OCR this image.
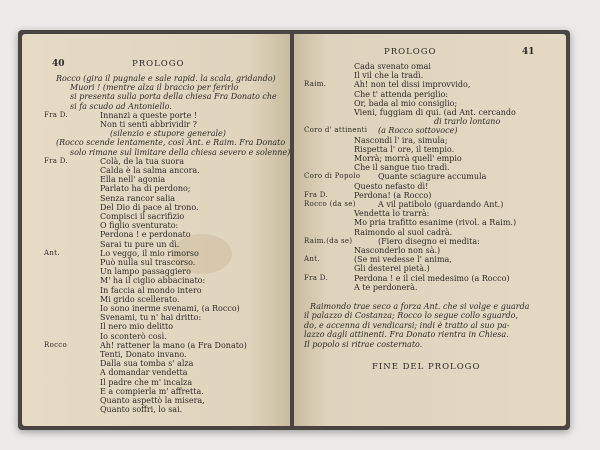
40	PROLOGO
Rocco (gira il pugnale e sale rapid. la scala, gridando)
Muori ! (mentre alza il braccio per ferirlo
si presenta sulla porta della chiesa Fra Donato che
si fa scudo ad Antoniello.
Fra D.	Innanzi a queste porte !
Non ti senti abbrividir ?
(silenzio e stupore generale)
(Rocco scende lentamente, così Ant. e Raim. Fra Donato
solo rimane sul limitare della chiesa severo e solenne)
Fra D.	Colà, de la tua suora
Calda è la salma ancora.
Ella nell' agonia
Parlato ha di perdono;
Senza rancor salia
Del Dio di pace al trono.
Compisci il sacrifizio
O figlio sventurato:
Perdona ! e perdonato
Sarai tu pure un dì.
Ant.	Lo veggo, il mio rimorso
Può nulla sul trascorso.
Un lampo passaggiero
M' ha il ciglio abbacinato:
In faccia al mondo intero
Mi grido scellerato.
Io sono inerme svenami, (a Rocco)
Svenami, tu n' hai dritto:
Il nero mio delitto
Io sconterò così.
Rocco	Ah! rattener la mano (a Fra Donato)
Tenti, Donato invano.
Dalla sua tomba s' alza
A domandar vendetta
Il padre che m' incalza
E a compierla m' affretta.
Quanto aspettò la misera,
Quanto soffri, lo sai.
PROLOGO	41
Cada svenato omai
Il vil che la tradì.
Raim.	Ah! non tel dissi improvvido,
Che t' attenda periglio:
Or, bada al mio consiglio;
Vieni, fuggiam di qui. (ad Ant. cercando
di trarlo lontano
Coro d' attinenti (a Rocco sottovoce)
Nascondi l' ira, simula;
Rispetta l' ore, il tempio.
Morrà; morrà quell' empio
Che il sangue tuo tradì.
Coro di Popolo Quante sciagure accumula
Questo nefasto dì!
Fra D.	Perdona! (a Rocco)
Rocco (da se)	A vil patibolo (guardando Ant.)
Vendetta lo trarrà:
Mo pria trafitto esanime (rivol. a Raim.)
Raimondo al suol cadrà.
Raim.(da se)	(Fiero disegno ei medita:
Nasconderlo non sà.)
Ant.	(Se mi vedesse l' anima,
Gli desterei pietà.)
Fra D.	Perdona ! e il ciel medesimo (a Rocco)
A te perdonerà.
Raimondo trae seco a forza Ant. che si volge e guarda
il palazzo di Costanza; Rocco lo segue collo sguardo,
do, e accenna di vendicarsi; indi è tratto al suo pa-
lazzo dagli attinenti. Fra Donato rientra in Chiesa.
Il popolo si ritrae costernato.
FINE DEL PROLOGO
